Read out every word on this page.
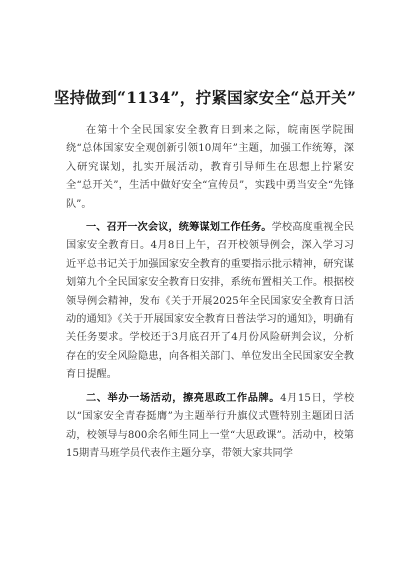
坚持做到“1134”，拧紧国家安全“总开关”

在第十个全民国家安全教育日到来之际，皖南医学院围绕“总体国家安全观创新引领10周年”主题，加强工作统筹，深入研究谋划，扎实开展活动，教育引导师生在思想上拧紧安全“总开关”，生活中做好安全“宣传员”，实践中勇当安全“先锋队”。

一、召开一次会议，统筹谋划工作任务。学校高度重视全民国家安全教育日。4月8日上午，召开校领导例会，深入学习习近平总书记关于加强国家安全教育的重要指示批示精神，研究谋划第九个全民国家安全教育日安排，系统布置相关工作。根据校领导例会精神，发布《关于开展2025年全民国家安全教育日活动的通知》《关于开展国家安全教育日普法学习的通知》，明确有关任务要求。学校还于3月底召开了4月份风险研判会议，分析存在的安全风险隐患，向各相关部门、单位发出全民国家安全教育日提醒。

二、举办一场活动，擦亮思政工作品牌。4月15日，学校以“国家安全青春挺膺”为主题举行升旗仪式暨特别主题团日活动，校领导与800余名师生同上一堂“大思政课”。活动中，校第15期青马班学员代表作主题分享，带领大家共同学
